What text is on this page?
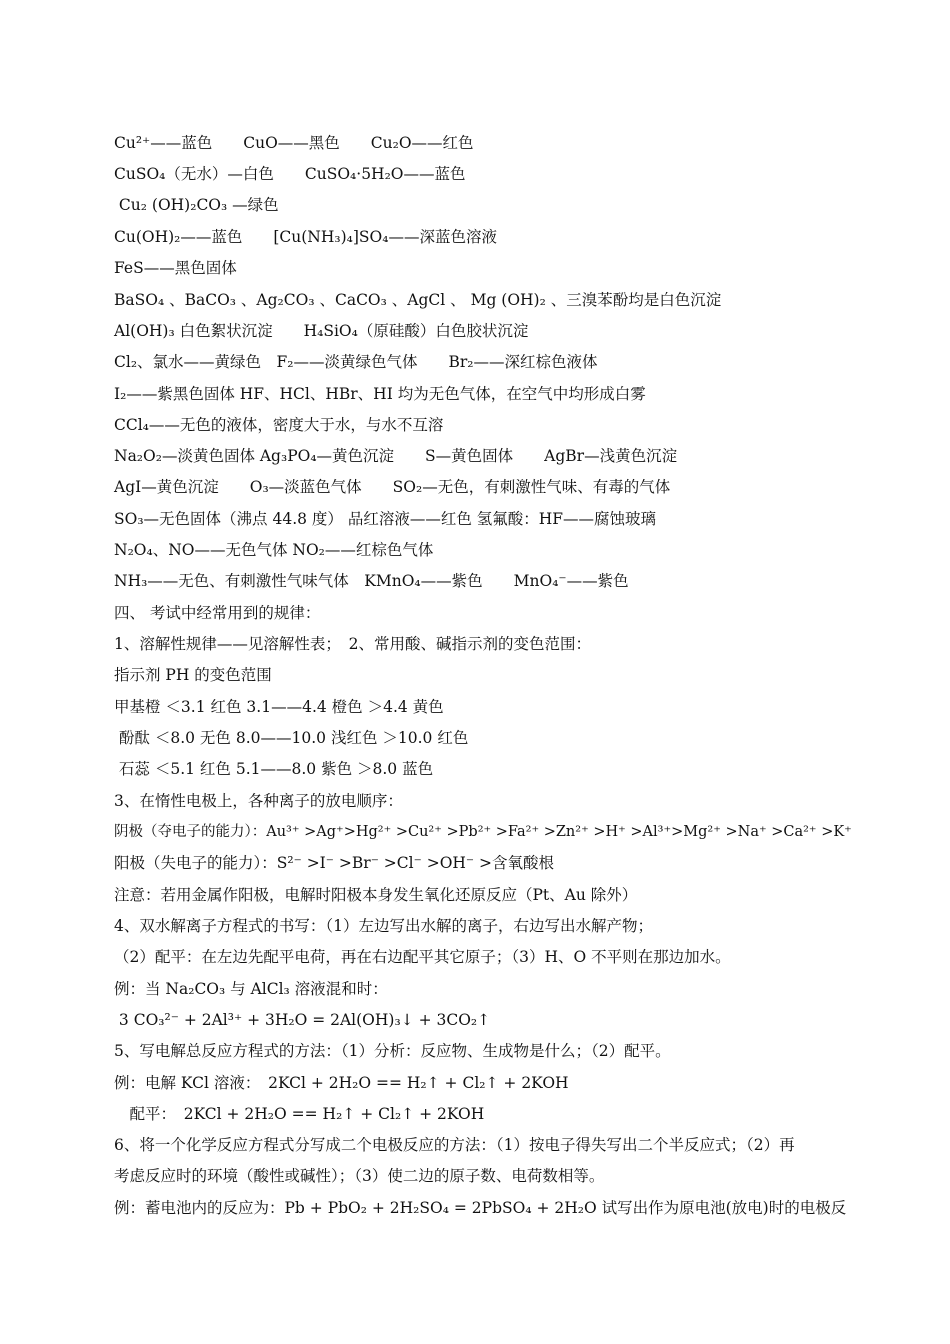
Cu²⁺——蓝色　　CuO——黑色　　Cu₂O——红色
CuSO₄（无水）—白色　　CuSO₄·5H₂O——蓝色
Cu₂ (OH)₂CO₃ —绿色
Cu(OH)₂——蓝色　　[Cu(NH₃)₄]SO₄——深蓝色溶液
FeS——黑色固体
BaSO₄ 、BaCO₃ 、Ag₂CO₃ 、CaCO₃ 、AgCl 、 Mg (OH)₂ 、三溴苯酚均是白色沉淀
Al(OH)₃ 白色絮状沉淀　　H₄SiO₄（原硅酸）白色胶状沉淀
Cl₂、氯水——黄绿色　F₂——淡黄绿色气体　　Br₂——深红棕色液体
I₂——紫黑色固体 HF、HCl、HBr、HI 均为无色气体，在空气中均形成白雾
CCl₄——无色的液体，密度大于水，与水不互溶
Na₂O₂—淡黄色固体 Ag₃PO₄—黄色沉淀　　S—黄色固体　　AgBr—浅黄色沉淀
AgI—黄色沉淀　　O₃—淡蓝色气体　　SO₂—无色，有刺激性气味、有毒的气体
SO₃—无色固体（沸点 44.8 度） 品红溶液——红色 氢氟酸：HF——腐蚀玻璃
N₂O₄、NO——无色气体 NO₂——红棕色气体
NH₃——无色、有刺激性气味气体　KMnO₄——紫色　　MnO₄⁻——紫色
四、 考试中经常用到的规律：
1、溶解性规律——见溶解性表；　2、常用酸、碱指示剂的变色范围：
指示剂 PH 的变色范围
甲基橙 ＜3.1 红色 3.1——4.4 橙色 ＞4.4 黄色
酚酞 ＜8.0 无色 8.0——10.0 浅红色 ＞10.0 红色
石蕊 ＜5.1 红色 5.1——8.0 紫色 ＞8.0 蓝色
3、在惰性电极上，各种离子的放电顺序：
阴极（夺电子的能力）：Au³⁺ >Ag⁺>Hg²⁺ >Cu²⁺ >Pb²⁺ >Fa²⁺ >Zn²⁺ >H⁺ >Al³⁺>Mg²⁺ >Na⁺ >Ca²⁺ >K⁺
阳极（失电子的能力）：S²⁻ >I⁻ >Br⁻ >Cl⁻ >OH⁻ >含氧酸根
注意：若用金属作阳极，电解时阳极本身发生氧化还原反应（Pt、Au 除外）
4、双水解离子方程式的书写：（1）左边写出水解的离子，右边写出水解产物；
（2）配平：在左边先配平电荷，再在右边配平其它原子；（3）H、O 不平则在那边加水。
例：当 Na₂CO₃ 与 AlCl₃ 溶液混和时：
3 CO₃²⁻ + 2Al³⁺ + 3H₂O = 2Al(OH)₃↓ + 3CO₂↑
5、写电解总反应方程式的方法：（1）分析：反应物、生成物是什么；（2）配平。
例：电解 KCl 溶液：　2KCl + 2H₂O == H₂↑ + Cl₂↑ + 2KOH
　配平：　2KCl + 2H₂O == H₂↑ + Cl₂↑ + 2KOH
6、将一个化学反应方程式分写成二个电极反应的方法：（1）按电子得失写出二个半反应式；（2）再
考虑反应时的环境（酸性或碱性）；（3）使二边的原子数、电荷数相等。
例：蓄电池内的反应为：Pb + PbO₂ + 2H₂SO₄ = 2PbSO₄ + 2H₂O 试写出作为原电池(放电)时的电极反
